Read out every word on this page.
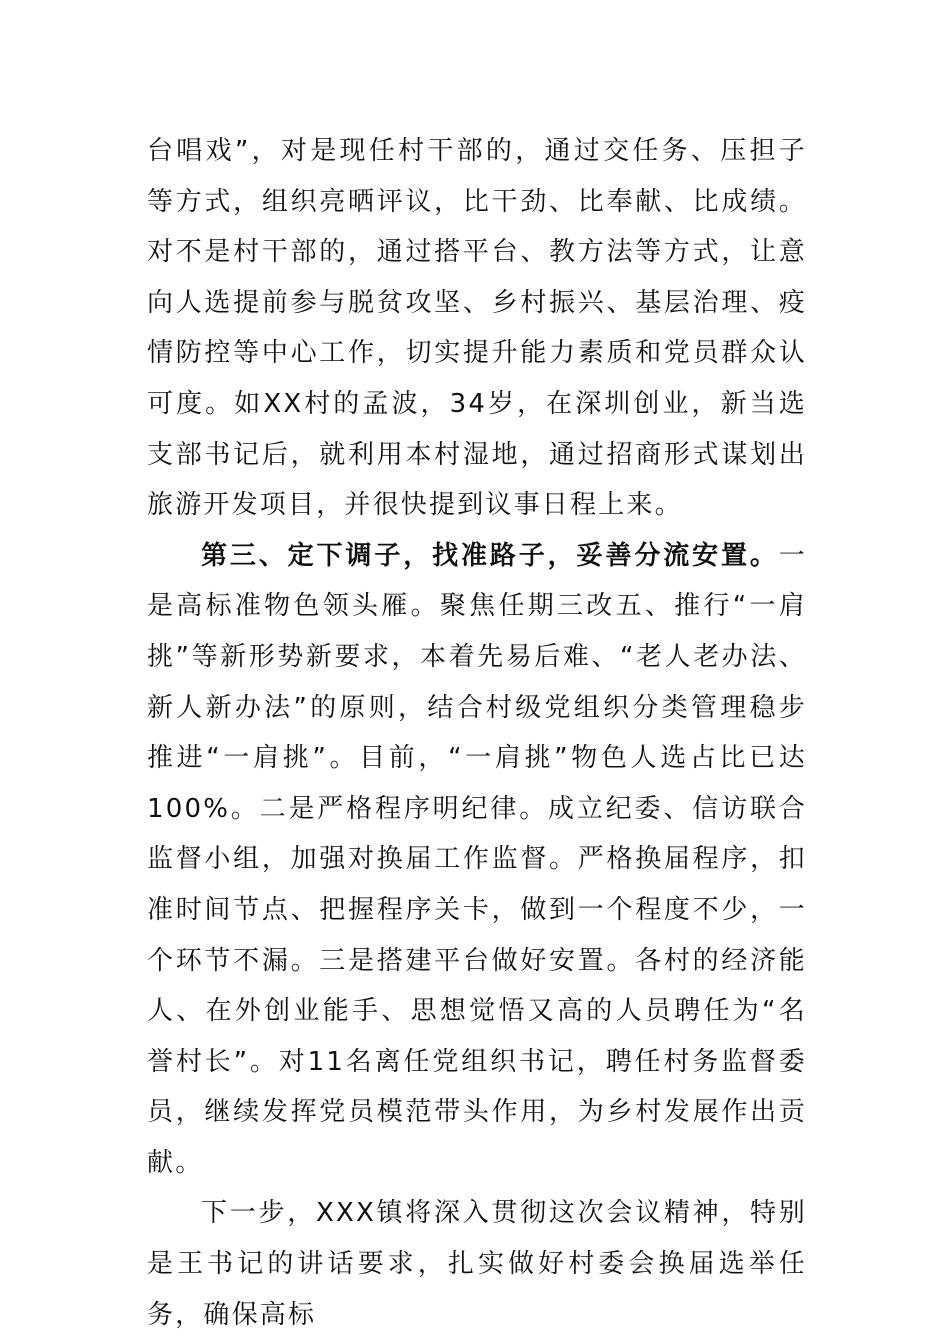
台唱戏”，对是现任村干部的，通过交任务、压担子等方式，组织亮晒评议，比干劲、比奉献、比成绩。对不是村干部的，通过搭平台、教方法等方式，让意向人选提前参与脱贫攻坚、乡村振兴、基层治理、疫情防控等中心工作，切实提升能力素质和党员群众认可度。如XX村的孟波，34岁，在深圳创业，新当选支部书记后，就利用本村湿地，通过招商形式谋划出旅游开发项目，并很快提到议事日程上来。

第三、定下调子，找准路子，妥善分流安置。一是高标准物色领头雁。聚焦任期三改五、推行“一肩挑”等新形势新要求，本着先易后难、“老人老办法、新人新办法”的原则，结合村级党组织分类管理稳步推进“一肩挑”。目前，“一肩挑”物色人选占比已达100%。二是严格程序明纪律。成立纪委、信访联合监督小组，加强对换届工作监督。严格换届程序，扣准时间节点、把握程序关卡，做到一个程度不少，一个环节不漏。三是搭建平台做好安置。各村的经济能人、在外创业能手、思想觉悟又高的人员聘任为“名誉村长”。对11名离任党组织书记，聘任村务监督委员，继续发挥党员模范带头作用，为乡村发展作出贡献。

下一步，XXX镇将深入贯彻这次会议精神，特别是王书记的讲话要求，扎实做好村委会换届选举任务，确保高标
